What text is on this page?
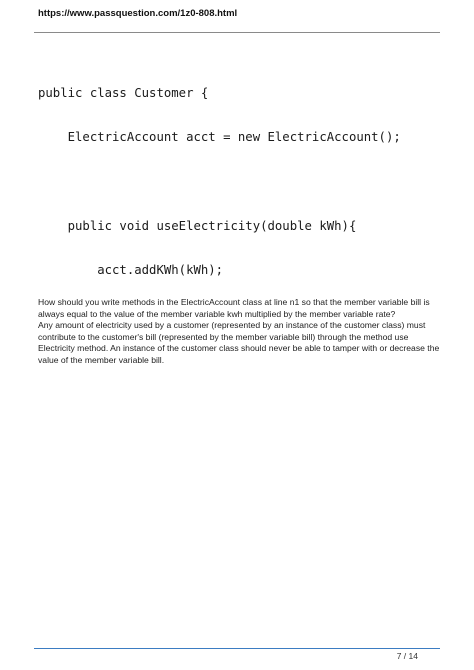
https://www.passquestion.com/1z0-808.html

public class Customer {

ElectricAccount acct = new ElectricAccount();

public void useElectricity(double kWh){

acct.addKWh(kWh);

How should you write methods in the ElectricAccount class at line n1 so that the member variable bill is always equal to the value of the member variable kwh multiplied by the member variable rate?

Any amount of electricity used by a customer (represented by an instance of the customer class) must contribute to the customer's bill (represented by the member variable bill) through the method use Electricity method. An instance of the customer class should never be able to tamper with or decrease the value of the member variable bill.

7 / 14
